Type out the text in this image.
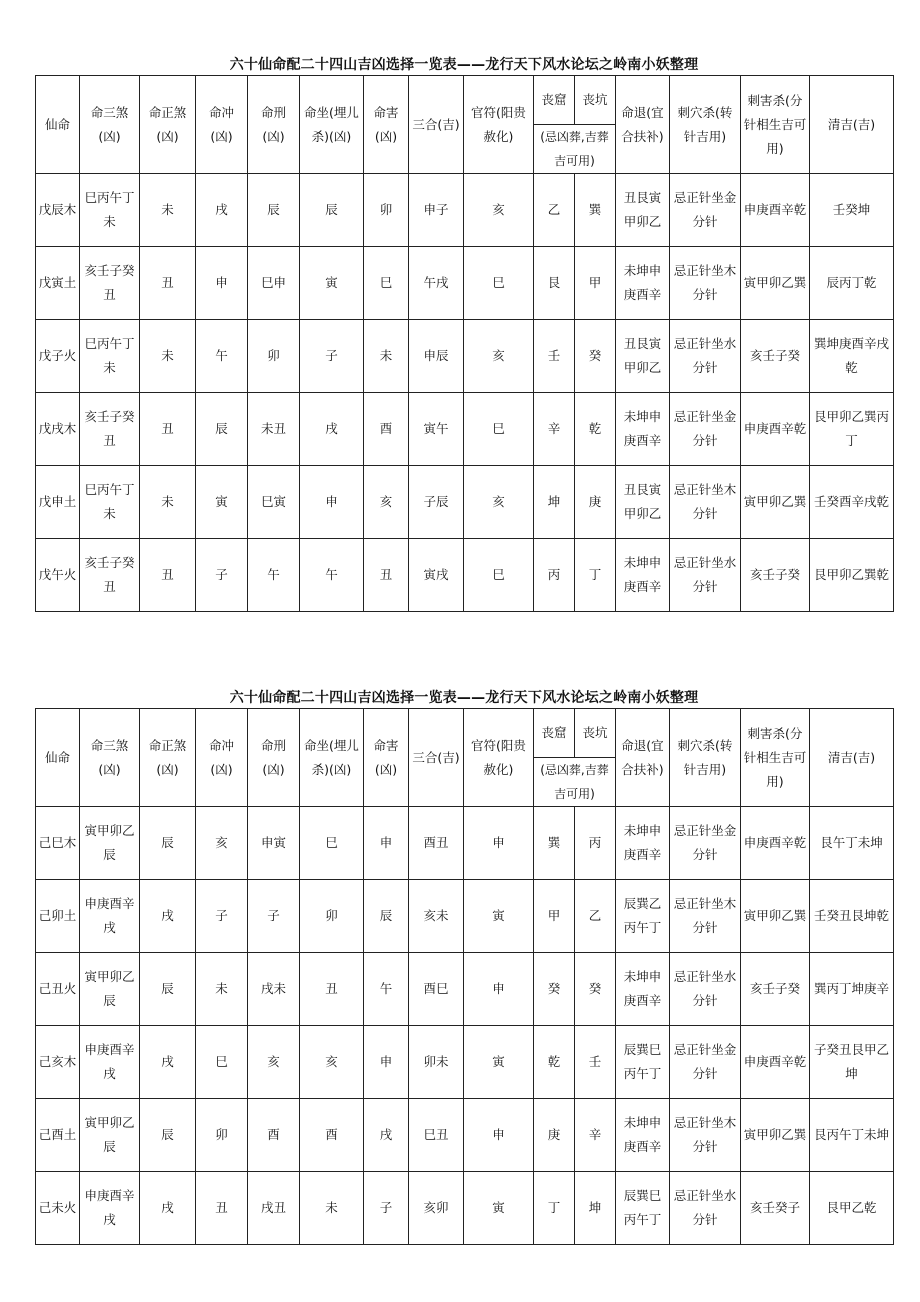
六十仙命配二十四山吉凶选择一览表——龙行天下风水论坛之岭南小妖整理
仙命	命三煞(凶)	命正煞(凶)	命冲(凶)	命刑(凶)	命坐(埋儿杀)(凶)	命害(凶)	三合(吉)	官符(阳贵赦化)	丧窟	丧坑	命退(宜合扶补)	刺穴杀(转针吉用)	刺害杀(分针相生吉可用)	清吉(吉)
									(忌凶葬,吉葬吉可用)					
戊辰木	巳丙午丁未	未	戌	辰	辰	卯	申子	亥	乙	巽	丑艮寅甲卯乙	忌正针坐金分针	申庚酉辛乾	壬癸坤
戊寅土	亥壬子癸丑	丑	申	巳申	寅	巳	午戌	巳	艮	甲	未坤申庚酉辛	忌正针坐木分针	寅甲卯乙巽	辰丙丁乾
戊子火	巳丙午丁未	未	午	卯	子	未	申辰	亥	壬	癸	丑艮寅甲卯乙	忌正针坐水分针	亥壬子癸	巽坤庚酉辛戌乾
戊戌木	亥壬子癸丑	丑	辰	未丑	戌	酉	寅午	巳	辛	乾	未坤申庚酉辛	忌正针坐金分针	申庚酉辛乾	艮甲卯乙巽丙丁
戊申土	巳丙午丁未	未	寅	巳寅	申	亥	子辰	亥	坤	庚	丑艮寅甲卯乙	忌正针坐木分针	寅甲卯乙巽	壬癸酉辛戌乾
戊午火	亥壬子癸丑	丑	子	午	午	丑	寅戌	巳	丙	丁	未坤申庚酉辛	忌正针坐水分针	亥壬子癸	艮甲卯乙巽乾
六十仙命配二十四山吉凶选择一览表——龙行天下风水论坛之岭南小妖整理
仙命	命三煞(凶)	命正煞(凶)	命冲(凶)	命刑(凶)	命坐(埋儿杀)(凶)	命害(凶)	三合(吉)	官符(阳贵赦化)	丧窟	丧坑	命退(宜合扶补)	刺穴杀(转针吉用)	刺害杀(分针相生吉可用)	清吉(吉)
									(忌凶葬,吉葬吉可用)					
己巳木	寅甲卯乙辰	辰	亥	申寅	巳	申	酉丑	申	巽	丙	未坤申庚酉辛	忌正针坐金分针	申庚酉辛乾	艮午丁未坤
己卯土	申庚酉辛戌	戌	子	子	卯	辰	亥未	寅	甲	乙	辰巽乙丙午丁	忌正针坐木分针	寅甲卯乙巽	壬癸丑艮坤乾
己丑火	寅甲卯乙辰	辰	未	戌未	丑	午	酉巳	申	癸	癸	未坤申庚酉辛	忌正针坐水分针	亥壬子癸	巽丙丁坤庚辛
己亥木	申庚酉辛戌	戌	巳	亥	亥	申	卯未	寅	乾	壬	辰巽巳丙午丁	忌正针坐金分针	申庚酉辛乾	子癸丑艮甲乙坤
己酉土	寅甲卯乙辰	辰	卯	酉	酉	戌	巳丑	申	庚	辛	未坤申庚酉辛	忌正针坐木分针	寅甲卯乙巽	艮丙午丁未坤
己未火	申庚酉辛戌	戌	丑	戌丑	未	子	亥卯	寅	丁	坤	辰巽巳丙午丁	忌正针坐水分针	亥壬癸子	艮甲乙乾
